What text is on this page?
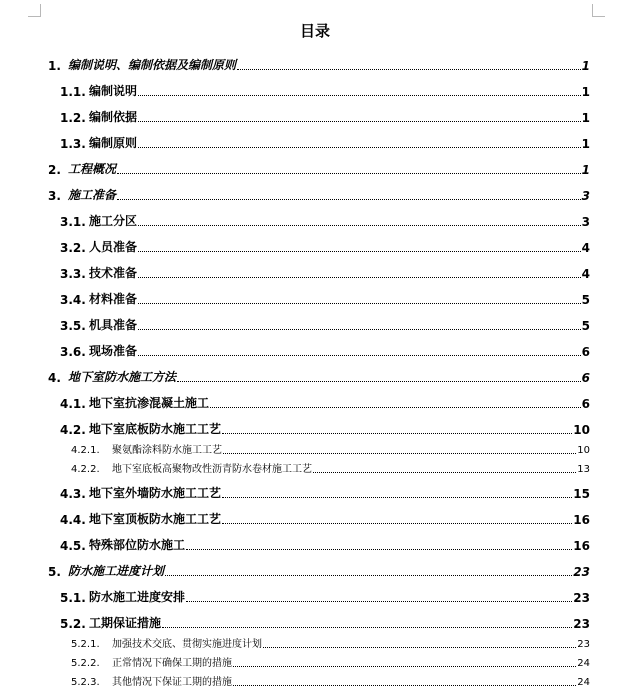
目录
1. 编制说明、编制依据及编制原则	1
1.1. 编制说明	1
1.2. 编制依据	1
1.3. 编制原则	1
2. 工程概况	1
3. 施工准备	3
3.1. 施工分区	3
3.2. 人员准备	4
3.3. 技术准备	4
3.4. 材料准备	5
3.5. 机具准备	5
3.6. 现场准备	6
4. 地下室防水施工方法	6
4.1. 地下室抗渗混凝土施工	6
4.2. 地下室底板防水施工工艺	10
4.2.1.	聚氨酯涂料防水施工工艺	10
4.2.2.	地下室底板高聚物改性沥青防水卷材施工工艺	13
4.3. 地下室外墙防水施工工艺	15
4.4. 地下室顶板防水施工工艺	16
4.5. 特殊部位防水施工	16
5. 防水施工进度计划	23
5.1. 防水施工进度安排	23
5.2. 工期保证措施	23
5.2.1.	加强技术交底、贯彻实施进度计划	23
5.2.2.	正常情况下确保工期的措施	24
5.2.3.	其他情况下保证工期的措施	24
